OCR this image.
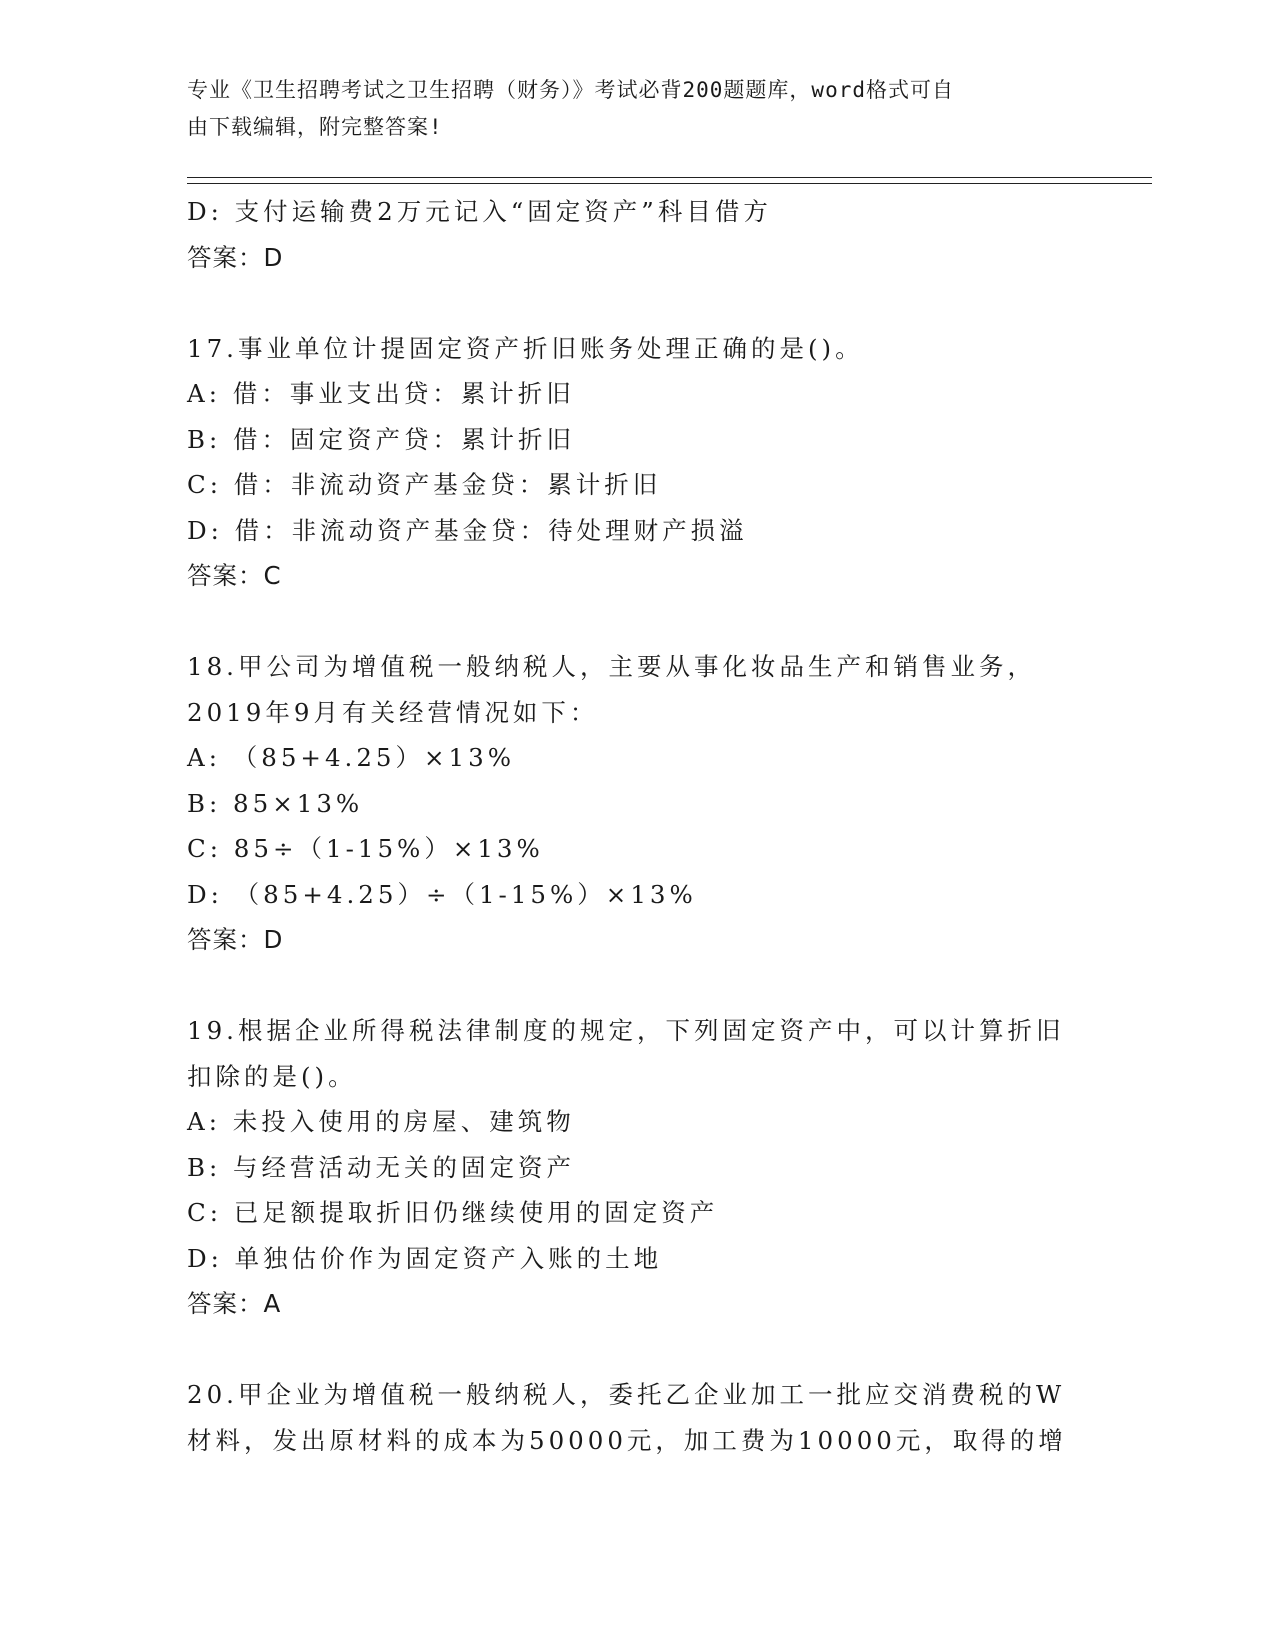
专业《卫生招聘考试之卫生招聘（财务）》考试必背200题题库，word格式可自
由下载编辑，附完整答案!
D: 支付运输费2万元记入“固定资产”科目借方
答案：D
17.事业单位计提固定资产折旧账务处理正确的是()。
A: 借：事业支出贷：累计折旧
B: 借：固定资产贷：累计折旧
C: 借：非流动资产基金贷：累计折旧
D: 借：非流动资产基金贷：待处理财产损溢
答案：C
18.甲公司为增值税一般纳税人，主要从事化妆品生产和销售业务，
2019年9月有关经营情况如下：
A: （85+4.25）×13%
B: 85×13%
C: 85÷（1-15%）×13%
D: （85+4.25）÷（1-15%）×13%
答案：D
19.根据企业所得税法律制度的规定，下列固定资产中，可以计算折旧
扣除的是()。
A: 未投入使用的房屋、建筑物
B: 与经营活动无关的固定资产
C: 已足额提取折旧仍继续使用的固定资产
D: 单独估价作为固定资产入账的土地
答案：A
20.甲企业为增值税一般纳税人，委托乙企业加工一批应交消费税的W
材料，发出原材料的成本为50000元，加工费为10000元，取得的增
